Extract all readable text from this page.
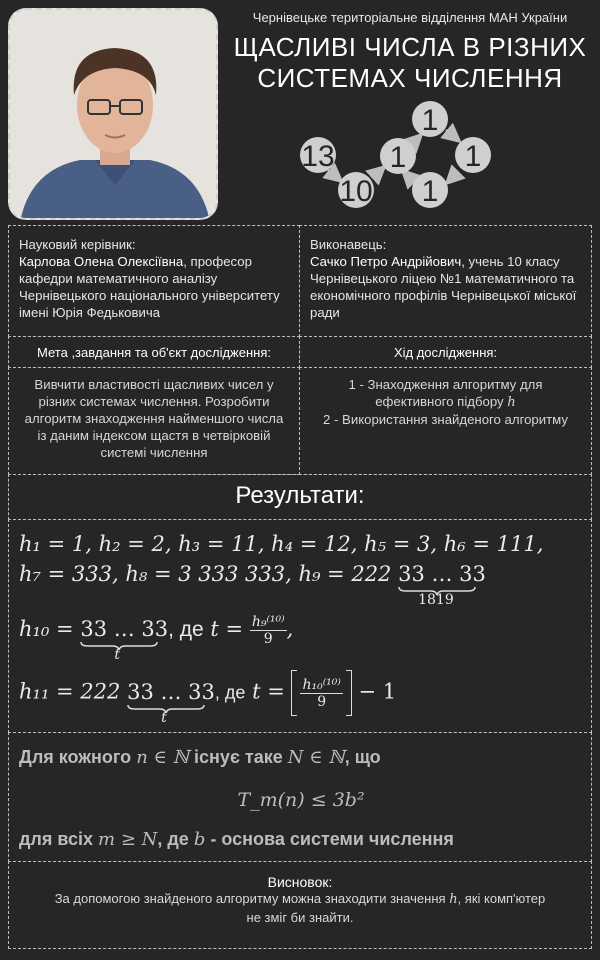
Чернівецьке територіальне відділення МАН України
ЩАСЛИВІ ЧИСЛА В РІЗНИХ
СИСТЕМАХ ЧИСЛЕННЯ
13
10
1
1
1
1
Науковий керівник:
Карлова Олена Олексіївна, професор кафедри математичного аналізу Чернівецького національного університету імені Юрія Федьковича
Виконавець:
Сачко Петро Андрійович, учень 10 класу Чернівецького ліцею №1 математичного та економічного профілів Чернівецької міської ради
Мета ,завдання та об'єкт дослідження:	Хід дослідження:
Вивчити властивості щасливих чисел у різних системах числення. Розробити алгоритм знаходження найменшого числа із даним індексом щастя в четвірковій системі числення
1 - Знаходження алгоритму для ефективного підбору h
2 - Використання знайденого алгоритму
Результати:
h₁ = 1, h₂ = 2, h₃ = 11, h₄ = 12, h₅ = 3, h₆ = 111,
h₇ = 333, h₈ = 3 333 333, h₉ = 222 33 … 33
1819
h₁₀ = 33 … 33
t
, де $t = \frac{\text{h₉⁽¹⁰⁾}}{9}$ ,
h₁₁ = 222 33 … 33
t
, де $t = \frac{\text{h₁₀⁽¹⁰⁾}}{9} - 1$
Для кожного n ∈ ℕ існує таке N ∈ ℕ, що
T_m(n) ≤ 3b²
для всіх m ≥ N, де b - основа системи числення
Висновок:
За допомогою знайденого алгоритму можна знаходити значення h, які комп'ютер не зміг би знайти.
